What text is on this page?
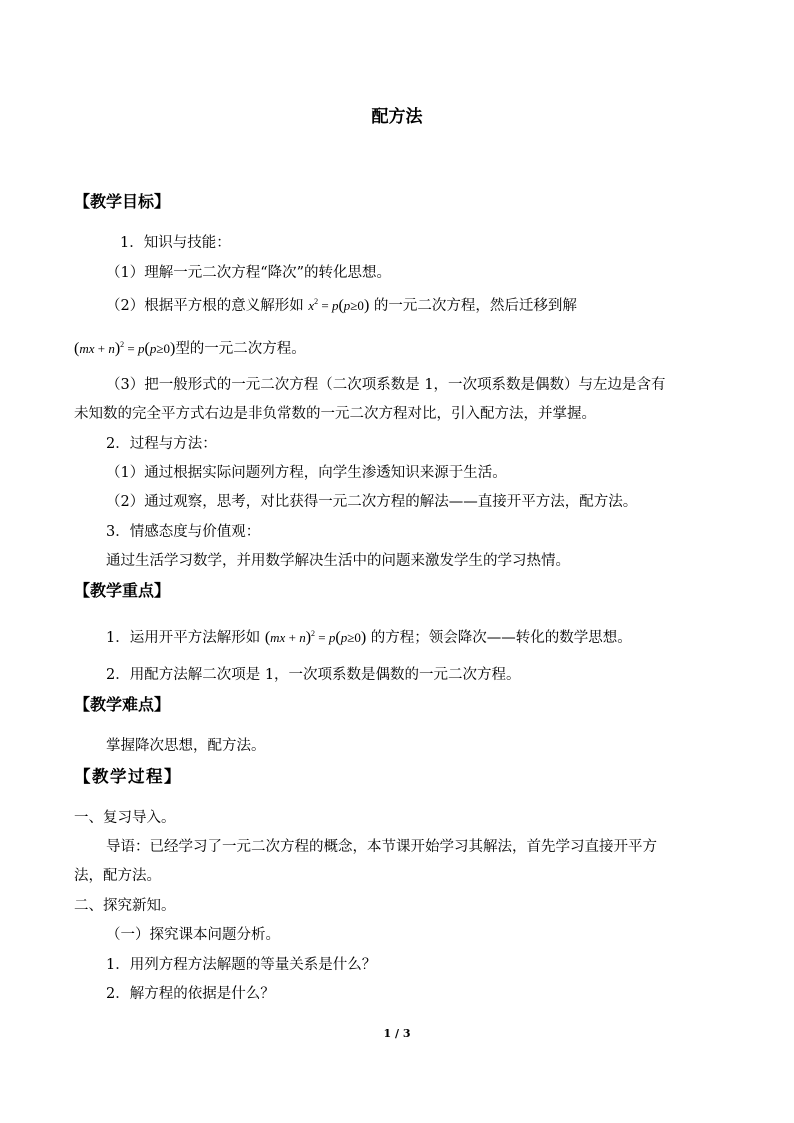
配方法
【教学目标】
1．知识与技能：
（1）理解一元二次方程“降次”的转化思想。
（2）根据平方根的意义解形如 $x^2 = p(p\ge 0)$ 的一元二次方程，然后迁移到解
(mx + n)$^2$ = p(p≥0)型的一元二次方程。
（3）把一般形式的一元二次方程（二次项系数是 1，一次项系数是偶数）与左边是含有
未知数的完全平方式右边是非负常数的一元二次方程对比，引入配方法，并掌握。
2．过程与方法：
（1）通过根据实际问题列方程，向学生渗透知识来源于生活。
（2）通过观察，思考，对比获得一元二次方程的解法——直接开平方法，配方法。
3．情感态度与价值观：
通过生活学习数学，并用数学解决生活中的问题来激发学生的学习热情。
【教学重点】
1．运用开平方法解形如 (mx + n)$^2$ = p(p≥0) 的方程；领会降次——转化的数学思想。
2．用配方法解二次项是 1，一次项系数是偶数的一元二次方程。
【教学难点】
掌握降次思想，配方法。
【教学过程】
一、复习导入。
导语：已经学习了一元二次方程的概念，本节课开始学习其解法，首先学习直接开平方
法，配方法。
二、探究新知。
（一）探究课本问题分析。
1．用列方程方法解题的等量关系是什么？
2．解方程的依据是什么？
1 / 3
